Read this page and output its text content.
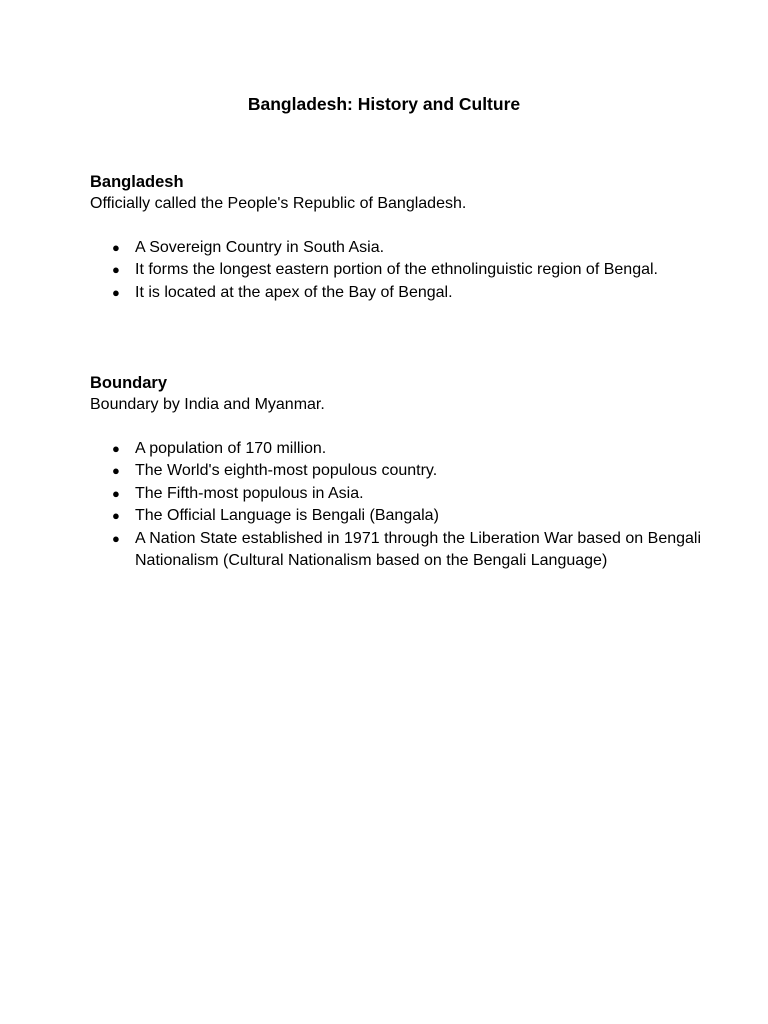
Bangladesh: History and Culture

Bangladesh

Officially called the People's Republic of Bangladesh.

● A Sovereign Country in South Asia.
● It forms the longest eastern portion of the ethnolinguistic region of Bengal.
● It is located at the apex of the Bay of Bengal.

Boundary

Boundary by India and Myanmar.

● A population of 170 million.
● The World's eighth-most populous country.
● The Fifth-most populous in Asia.
● The Official Language is Bengali (Bangala)
● A Nation State established in 1971 through the Liberation War based on Bengali Nationalism (Cultural Nationalism based on the Bengali Language)
